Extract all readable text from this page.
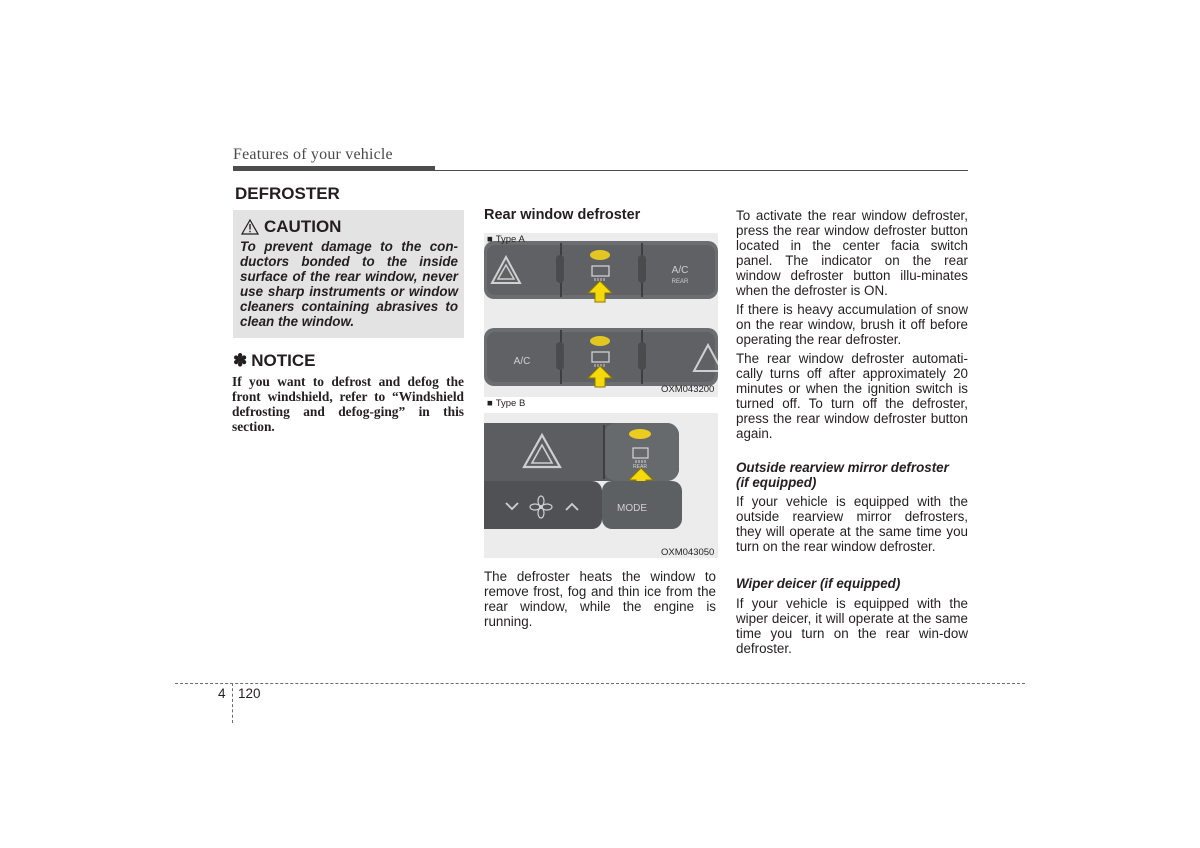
Features of your vehicle
DEFROSTER
CAUTION
To prevent damage to the con-ductors bonded to the inside surface of the rear window, never use sharp instruments or window cleaners containing abrasives to clean the window.
✽ NOTICE
If you want to defrost and defog the front windshield, refer to “Windshield defrosting and defog-ging” in this section.
Rear window defroster
■ Type A
A/C
REAR
A/C
OXM043200
■ Type B
REAR
MODE
OXM043050
The defroster heats the window to remove frost, fog and thin ice from the rear window, while the engine is running.
To activate the rear window defroster, press the rear window defroster button located in the center facia switch panel. The indicator on the rear window defroster button illu-minates when the defroster is ON.
If there is heavy accumulation of snow on the rear window, brush it off before operating the rear defroster.
The rear window defroster automati-cally turns off after approximately 20 minutes or when the ignition switch is turned off. To turn off the defroster, press the rear window defroster button again.
Outside rearview mirror defroster
(if equipped)
If your vehicle is equipped with the outside rearview mirror defrosters, they will operate at the same time you turn on the rear window defroster.
Wiper deicer (if equipped)
If your vehicle is equipped with the wiper deicer, it will operate at the same time you turn on the rear win-dow defroster.
4 120
